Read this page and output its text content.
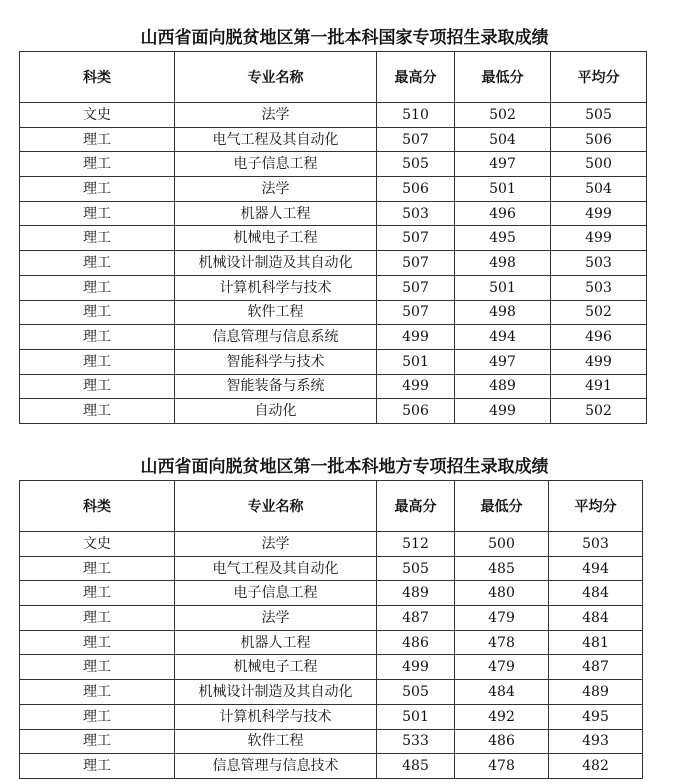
山西省面向脱贫地区第一批本科国家专项招生录取成绩
科类	专业名称	最高分	最低分	平均分
文史	法学	510	502	505
理工	电气工程及其自动化	507	504	506
理工	电子信息工程	505	497	500
理工	法学	506	501	504
理工	机器人工程	503	496	499
理工	机械电子工程	507	495	499
理工	机械设计制造及其自动化	507	498	503
理工	计算机科学与技术	507	501	503
理工	软件工程	507	498	502
理工	信息管理与信息系统	499	494	496
理工	智能科学与技术	501	497	499
理工	智能装备与系统	499	489	491
理工	自动化	506	499	502
山西省面向脱贫地区第一批本科地方专项招生录取成绩
科类	专业名称	最高分	最低分	平均分
文史	法学	512	500	503
理工	电气工程及其自动化	505	485	494
理工	电子信息工程	489	480	484
理工	法学	487	479	484
理工	机器人工程	486	478	481
理工	机械电子工程	499	479	487
理工	机械设计制造及其自动化	505	484	489
理工	计算机科学与技术	501	492	495
理工	软件工程	533	486	493
理工	信息管理与信息技术	485	478	482
